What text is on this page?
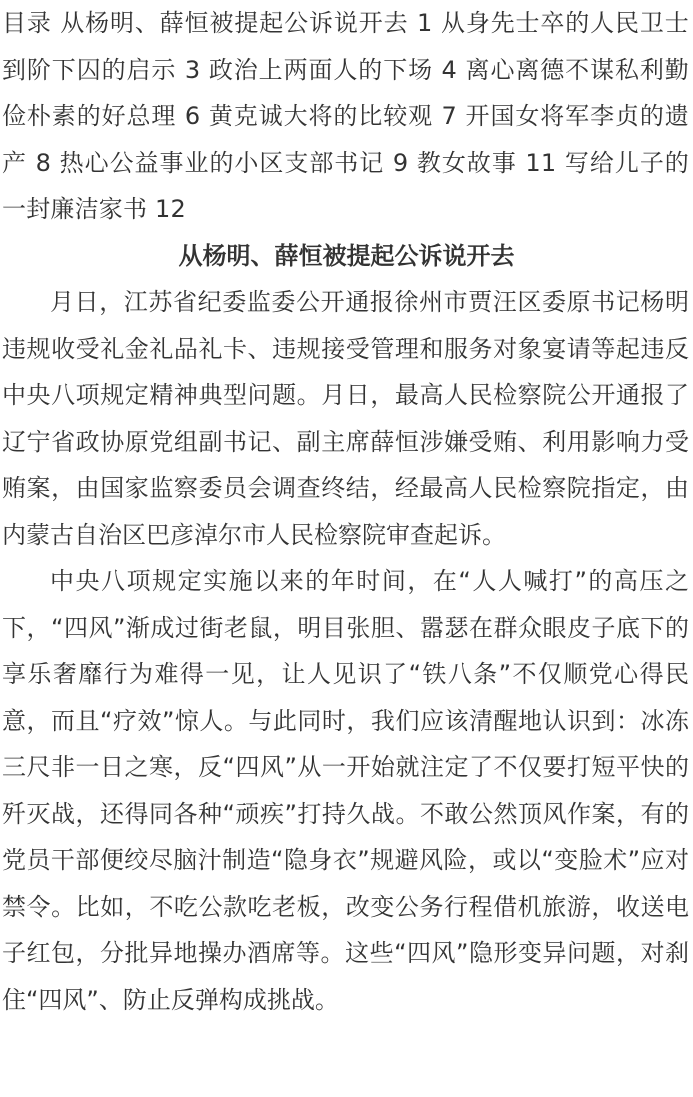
目录 从杨明、薛恒被提起公诉说开去 1 从身先士卒的人民卫士到阶下囚的启示 3 政治上两面人的下场 4 离心离德不谋私利勤俭朴素的好总理 6 黄克诚大将的比较观 7 开国女将军李贞的遗产 8 热心公益事业的小区支部书记 9 教女故事 11 写给儿子的一封廉洁家书 12

从杨明、薛恒被提起公诉说开去

月日，江苏省纪委监委公开通报徐州市贾汪区委原书记杨明违规收受礼金礼品礼卡、违规接受管理和服务对象宴请等起违反中央八项规定精神典型问题。月日，最高人民检察院公开通报了辽宁省政协原党组副书记、副主席薛恒涉嫌受贿、利用影响力受贿案，由国家监察委员会调查终结，经最高人民检察院指定，由内蒙古自治区巴彦淖尔市人民检察院审查起诉。

中央八项规定实施以来的年时间，在“人人喊打”的高压之下，“四风”渐成过街老鼠，明目张胆、嚣瑟在群众眼皮子底下的享乐奢靡行为难得一见，让人见识了“铁八条”不仅顺党心得民意，而且“疗效”惊人。与此同时，我们应该清醒地认识到：冰冻三尺非一日之寒，反“四风”从一开始就注定了不仅要打短平快的歼灭战，还得同各种“顽疾”打持久战。不敢公然顶风作案，有的党员干部便绞尽脑汁制造“隐身衣”规避风险，或以“变脸术”应对禁令。比如，不吃公款吃老板，改变公务行程借机旅游，收送电子红包，分批异地操办酒席等。这些“四风”隐形变异问题，对刹住“四风”、防止反弹构成挑战。
